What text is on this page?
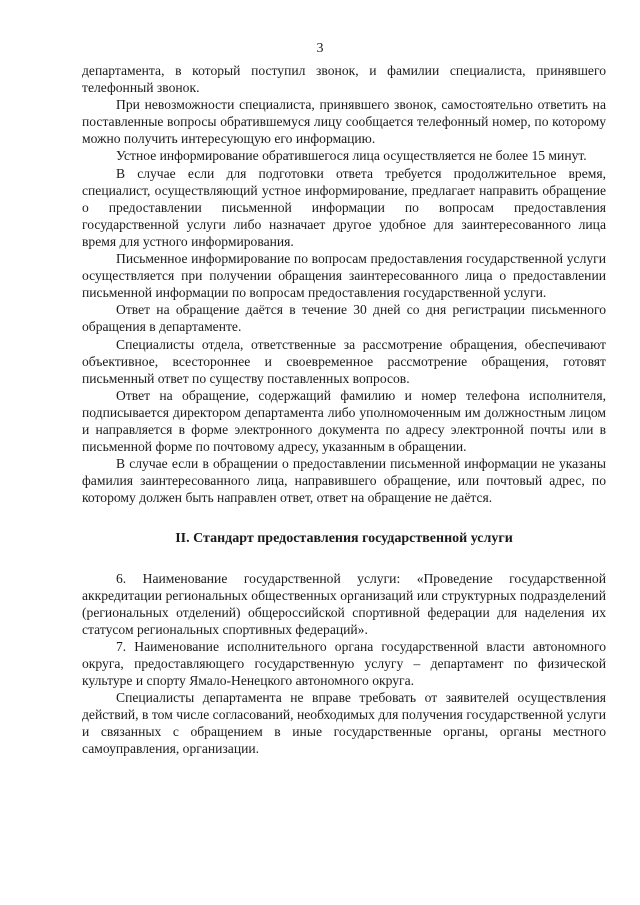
3

департамента, в который поступил звонок, и фамилии специалиста, принявшего телефонный звонок.

При невозможности специалиста, принявшего звонок, самостоятельно ответить на поставленные вопросы обратившемуся лицу сообщается телефонный номер, по которому можно получить интересующую его информацию.

Устное информирование обратившегося лица осуществляется не более 15 минут.

В случае если для подготовки ответа требуется продолжительное время, специалист, осуществляющий устное информирование, предлагает направить обращение о предоставлении письменной информации по вопросам предоставления государственной услуги либо назначает другое удобное для заинтересованного лица время для устного информирования.

Письменное информирование по вопросам предоставления государственной услуги осуществляется при получении обращения заинтересованного лица о предоставлении письменной информации по вопросам предоставления государственной услуги.

Ответ на обращение даётся в течение 30 дней со дня регистрации письменного обращения в департаменте.

Специалисты отдела, ответственные за рассмотрение обращения, обеспечивают объективное, всестороннее и своевременное рассмотрение обращения, готовят письменный ответ по существу поставленных вопросов.

Ответ на обращение, содержащий фамилию и номер телефона исполнителя, подписывается директором департамента либо уполномоченным им должностным лицом и направляется в форме электронного документа по адресу электронной почты или в письменной форме по почтовому адресу, указанным в обращении.

В случае если в обращении о предоставлении письменной информации не указаны фамилия заинтересованного лица, направившего обращение, или почтовый адрес, по которому должен быть направлен ответ, ответ на обращение не даётся.

II. Стандарт предоставления государственной услуги

6. Наименование государственной услуги: «Проведение государственной аккредитации региональных общественных организаций или структурных подразделений (региональных отделений) общероссийской спортивной федерации для наделения их статусом региональных спортивных федераций».

7. Наименование исполнительного органа государственной власти автономного округа, предоставляющего государственную услугу – департамент по физической культуре и спорту Ямало-Ненецкого автономного округа.

Специалисты департамента не вправе требовать от заявителей осуществления действий, в том числе согласований, необходимых для получения государственной услуги и связанных с обращением в иные государственные органы, органы местного самоуправления, организации.
